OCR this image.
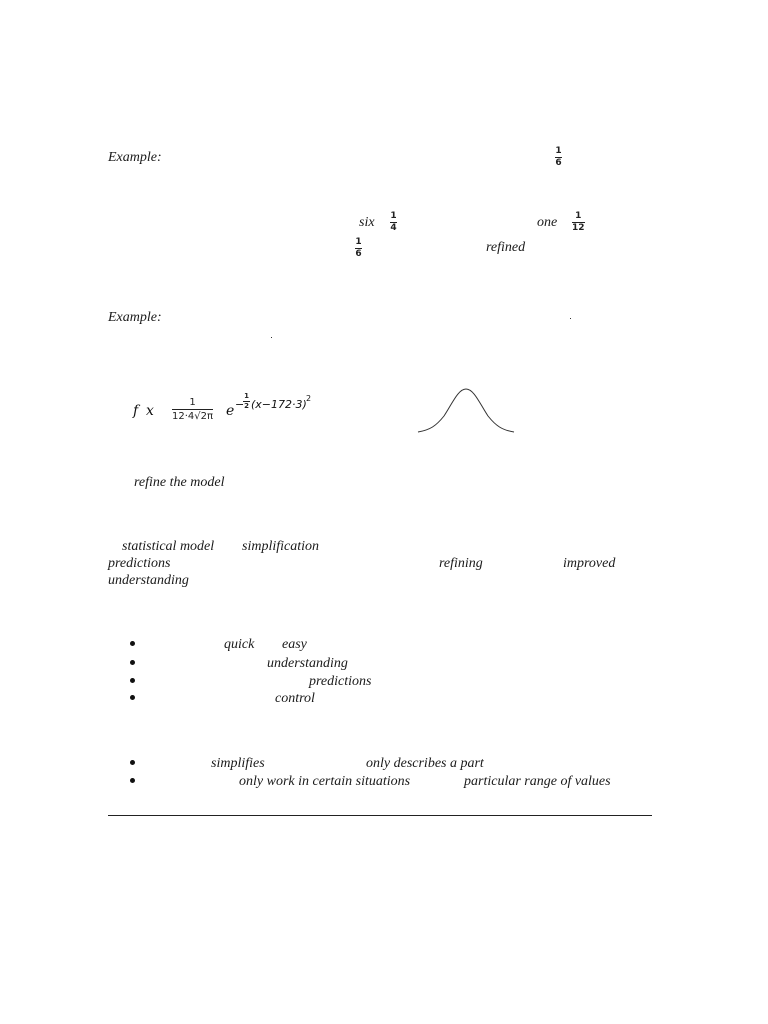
Example:	1
6
six 1
4	one 1
12
1
6	refined
Example:
f x
1
12·4√2π e −
1
2 (x−172·3) 2
refine the model
statistical model simplification
predictions	refining	improved
understanding
quick easy
understanding
predictions
control
simplifies	only describes a part
only work in certain situations	particular range of values
